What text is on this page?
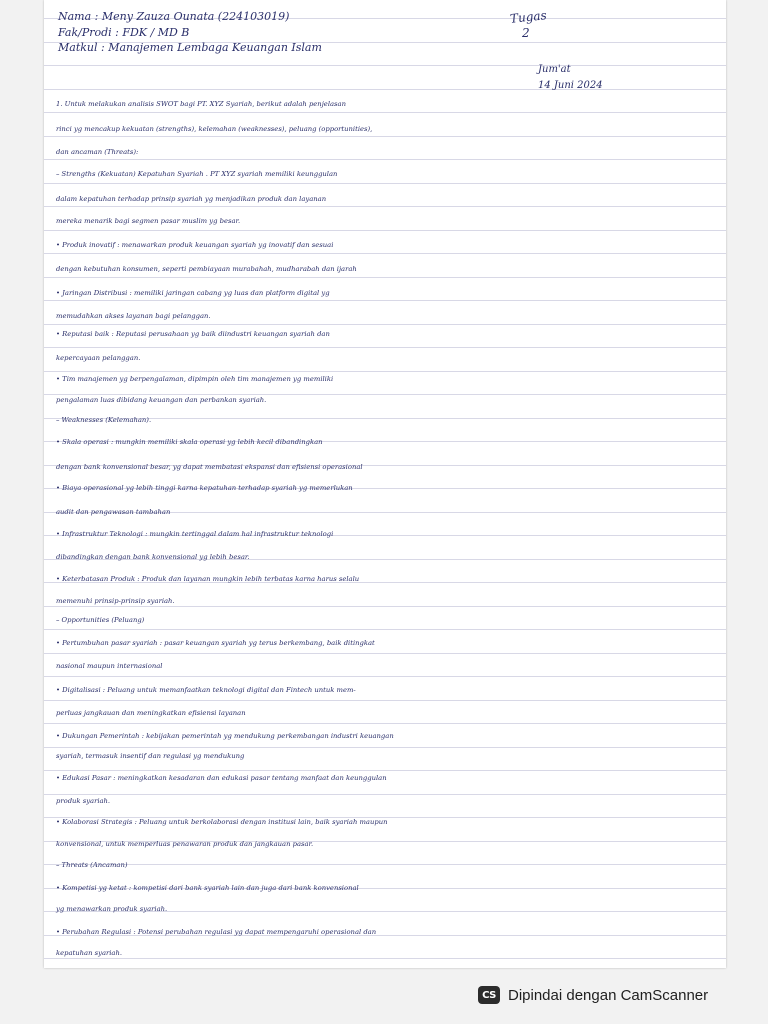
Nama : Meny Zauza Ounata (224103019)
Fak/Prodi : FDK / MD B
Matkul : Manajemen Lembaga Keuangan Islam
Tugas
2
Jum'at
14 Juni 2024
1. Untuk melakukan analisis SWOT bagi PT. XYZ Syariah, berikut adalah penjelasan
rinci yg mencakup kekuatan (strengths), kelemahan (weaknesses), peluang (opportunities),
dan ancaman (Threats):
– Strengths (Kekuatan) Kepatuhan Syariah . PT XYZ syariah memiliki keunggulan
dalam kepatuhan terhadap prinsip syariah yg menjadikan produk dan layanan
mereka menarik bagi segmen pasar muslim yg besar.
• Produk inovatif : menawarkan produk keuangan syariah yg inovatif dan sesuai
dengan kebutuhan konsumen, seperti pembiayaan murabahah, mudharabah dan ijarah
• Jaringan Distribusi : memiliki jaringan cabang yg luas dan platform digital yg
memudahkan akses layanan bagi pelanggan.
• Reputasi baik : Reputasi perusahaan yg baik diindustri keuangan syariah dan
kepercayaan pelanggan.
• Tim manajemen yg berpengalaman, dipimpin oleh tim manajemen yg memiliki
pengalaman luas dibidang keuangan dan perbankan syariah.
– Weaknesses (Kelemahan).
• Skala operasi : mungkin memiliki skala operasi yg lebih kecil dibandingkan
dengan bank konvensional besar, yg dapat membatasi ekspansi dan efisiensi operasional
• Biaya operasional yg lebih tinggi karna kepatuhan terhadap syariah yg memerlukan
audit dan pengawasan tambahan
• Infrastruktur Teknologi : mungkin tertinggal dalam hal infrastruktur teknologi
dibandingkan dengan bank konvensional yg lebih besar.
• Keterbatasan Produk : Produk dan layanan mungkin lebih terbatas karna harus selalu
memenuhi prinsip-prinsip syariah.
– Opportunities (Peluang)
• Pertumbuhan pasar syariah : pasar keuangan syariah yg terus berkembang, baik ditingkat
nasional maupun internasional
• Digitalisasi : Peluang untuk memanfaatkan teknologi digital dan Fintech untuk mem-
perluas jangkauan dan meningkatkan efisiensi layanan
• Dukungan Pemerintah : kebijakan pemerintah yg mendukung perkembangan industri keuangan
syariah, termasuk insentif dan regulasi yg mendukung
• Edukasi Pasar : meningkatkan kesadaran dan edukasi pasar tentang manfaat dan keunggulan
produk syariah.
• Kolaborasi Strategis : Peluang untuk berkolaborasi dengan institusi lain, baik syariah maupun
konvensional, untuk memperluas penawaran produk dan jangkauan pasar.
– Threats (Ancaman)
• Kompetisi yg ketat : kompetisi dari bank syariah lain dan juga dari bank konvensional
yg menawarkan produk syariah.
• Perubahan Regulasi : Potensi perubahan regulasi yg dapat mempengaruhi operasional dan
kepatuhan syariah.
CS Dipindai dengan CamScanner
